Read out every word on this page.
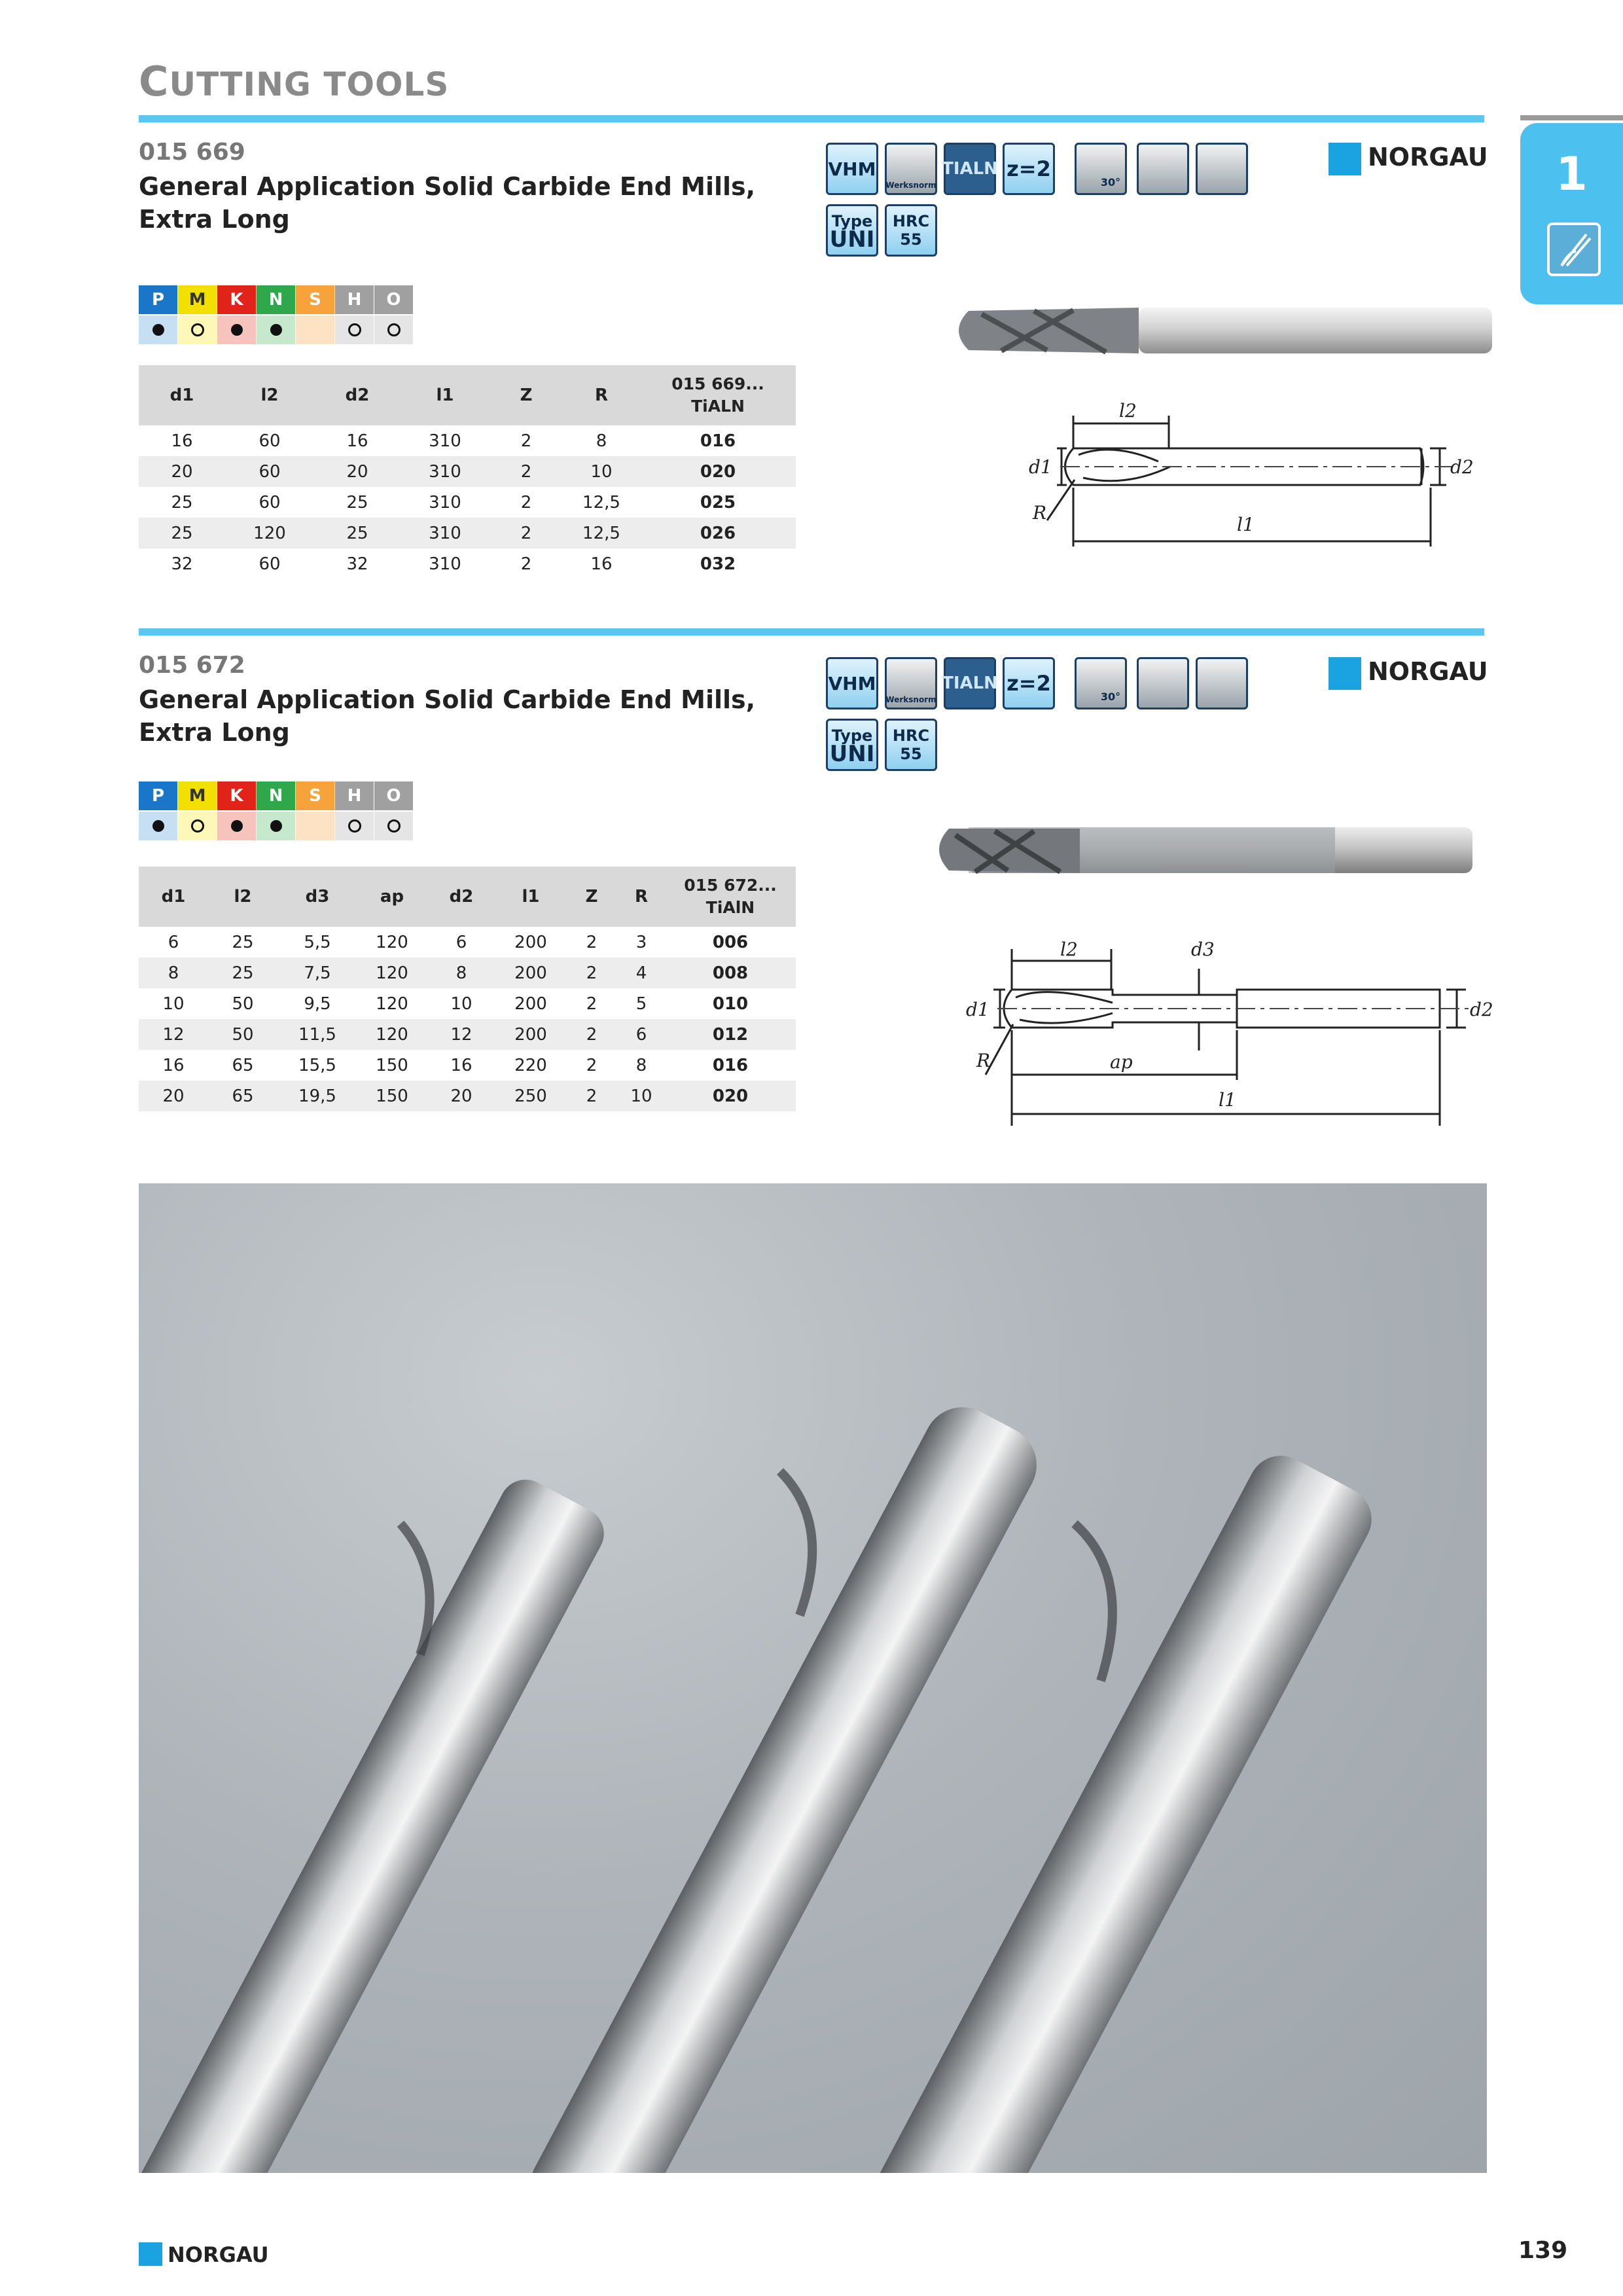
CUTTING TOOLS
1
015 669
General Application Solid Carbide End Mills,
Extra Long
VHM
Werksnorm
TIALN z=2
30°
Type
UNI
HRC
55
NORGAU
P	M	K	N	S	H	O
d1	l2	d2	l1	Z	R	015 669...
TiALN

16	60	16	310	2	8	016
20	60	20	310	2	10	020
25	60	25	310	2	12,5	025
25	120	25	310	2	12,5	026
32	60	32	310	2	16	032
l2
d1	d2
R
l1
015 672
General Application Solid Carbide End Mills,
Extra Long
VHM
Werksnorm
TIALN z=2
30°
Type
UNI
HRC
55
NORGAU
P	M	K	N	S	H	O
d1	l2	d3	ap	d2	l1	Z	R	015 672...
TiAlN

6	25	5,5	120	6	200	2	3	006
8	25	7,5	120	8	200	2	4	008
10	50	9,5	120	10	200	2	5	010
12	50	11,5	120	12	200	2	6	012
16	65	15,5	150	16	220	2	8	016
20	65	19,5	150	20	250	2	10	020
l2	d3
d1	d2
R	ap
l1
NORGAU	139
